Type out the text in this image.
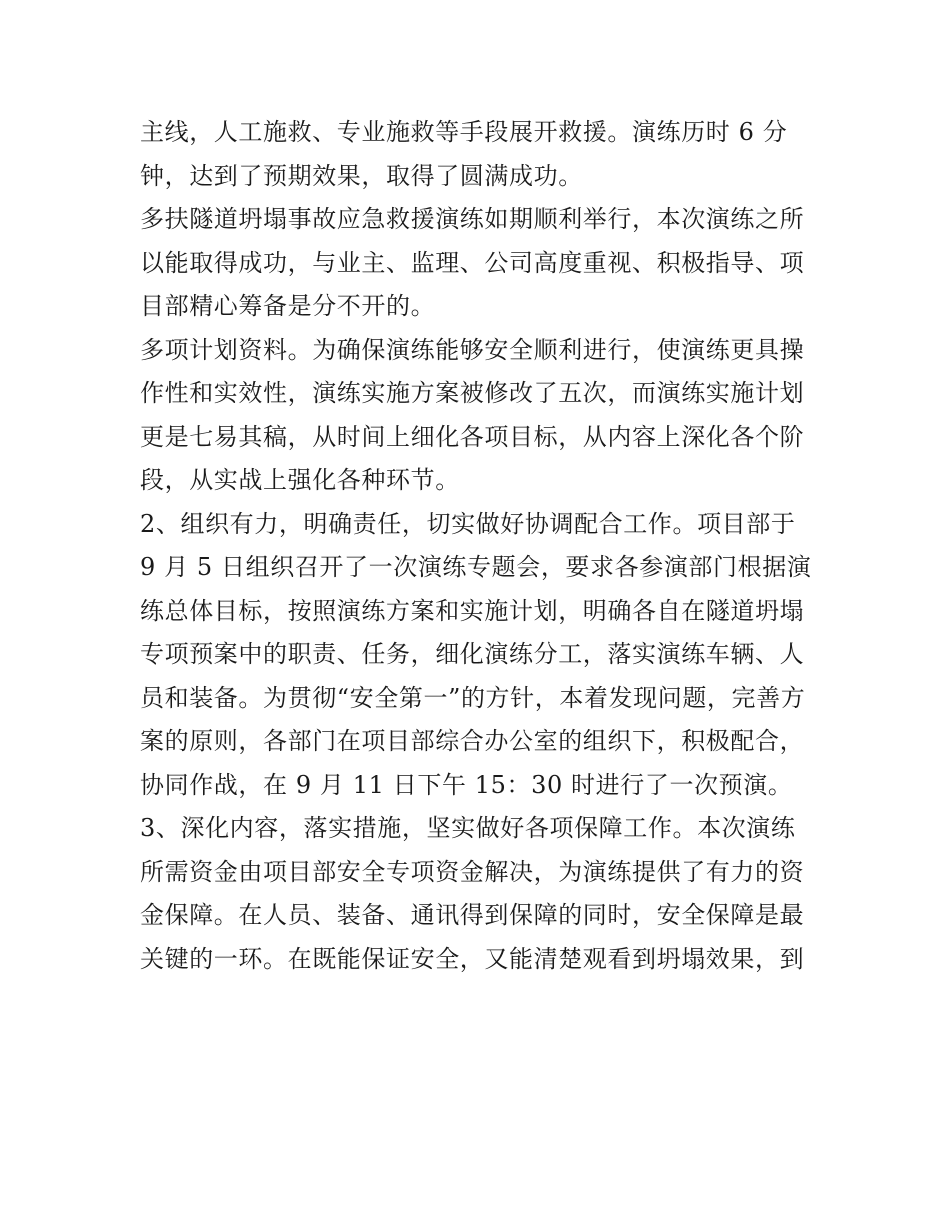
主线，人工施救、专业施救等手段展开救援。演练历时 6 分
钟，达到了预期效果，取得了圆满成功。
多扶隧道坍塌事故应急救援演练如期顺利举行，本次演练之所
以能取得成功，与业主、监理、公司高度重视、积极指导、项
目部精心筹备是分不开的。
多项计划资料。为确保演练能够安全顺利进行，使演练更具操
作性和实效性，演练实施方案被修改了五次，而演练实施计划
更是七易其稿，从时间上细化各项目标，从内容上深化各个阶
段，从实战上强化各种环节。
2、组织有力，明确责任，切实做好协调配合工作。项目部于
9 月 5 日组织召开了一次演练专题会，要求各参演部门根据演
练总体目标，按照演练方案和实施计划，明确各自在隧道坍塌
专项预案中的职责、任务，细化演练分工，落实演练车辆、人
员和装备。为贯彻“安全第一”的方针，本着发现问题，完善方
案的原则，各部门在项目部综合办公室的组织下，积极配合，
协同作战，在 9 月 11 日下午 15：30 时进行了一次预演。
3、深化内容，落实措施，坚实做好各项保障工作。本次演练
所需资金由项目部安全专项资金解决，为演练提供了有力的资
金保障。在人员、装备、通讯得到保障的同时，安全保障是最
关键的一环。在既能保证安全，又能清楚观看到坍塌效果，到
